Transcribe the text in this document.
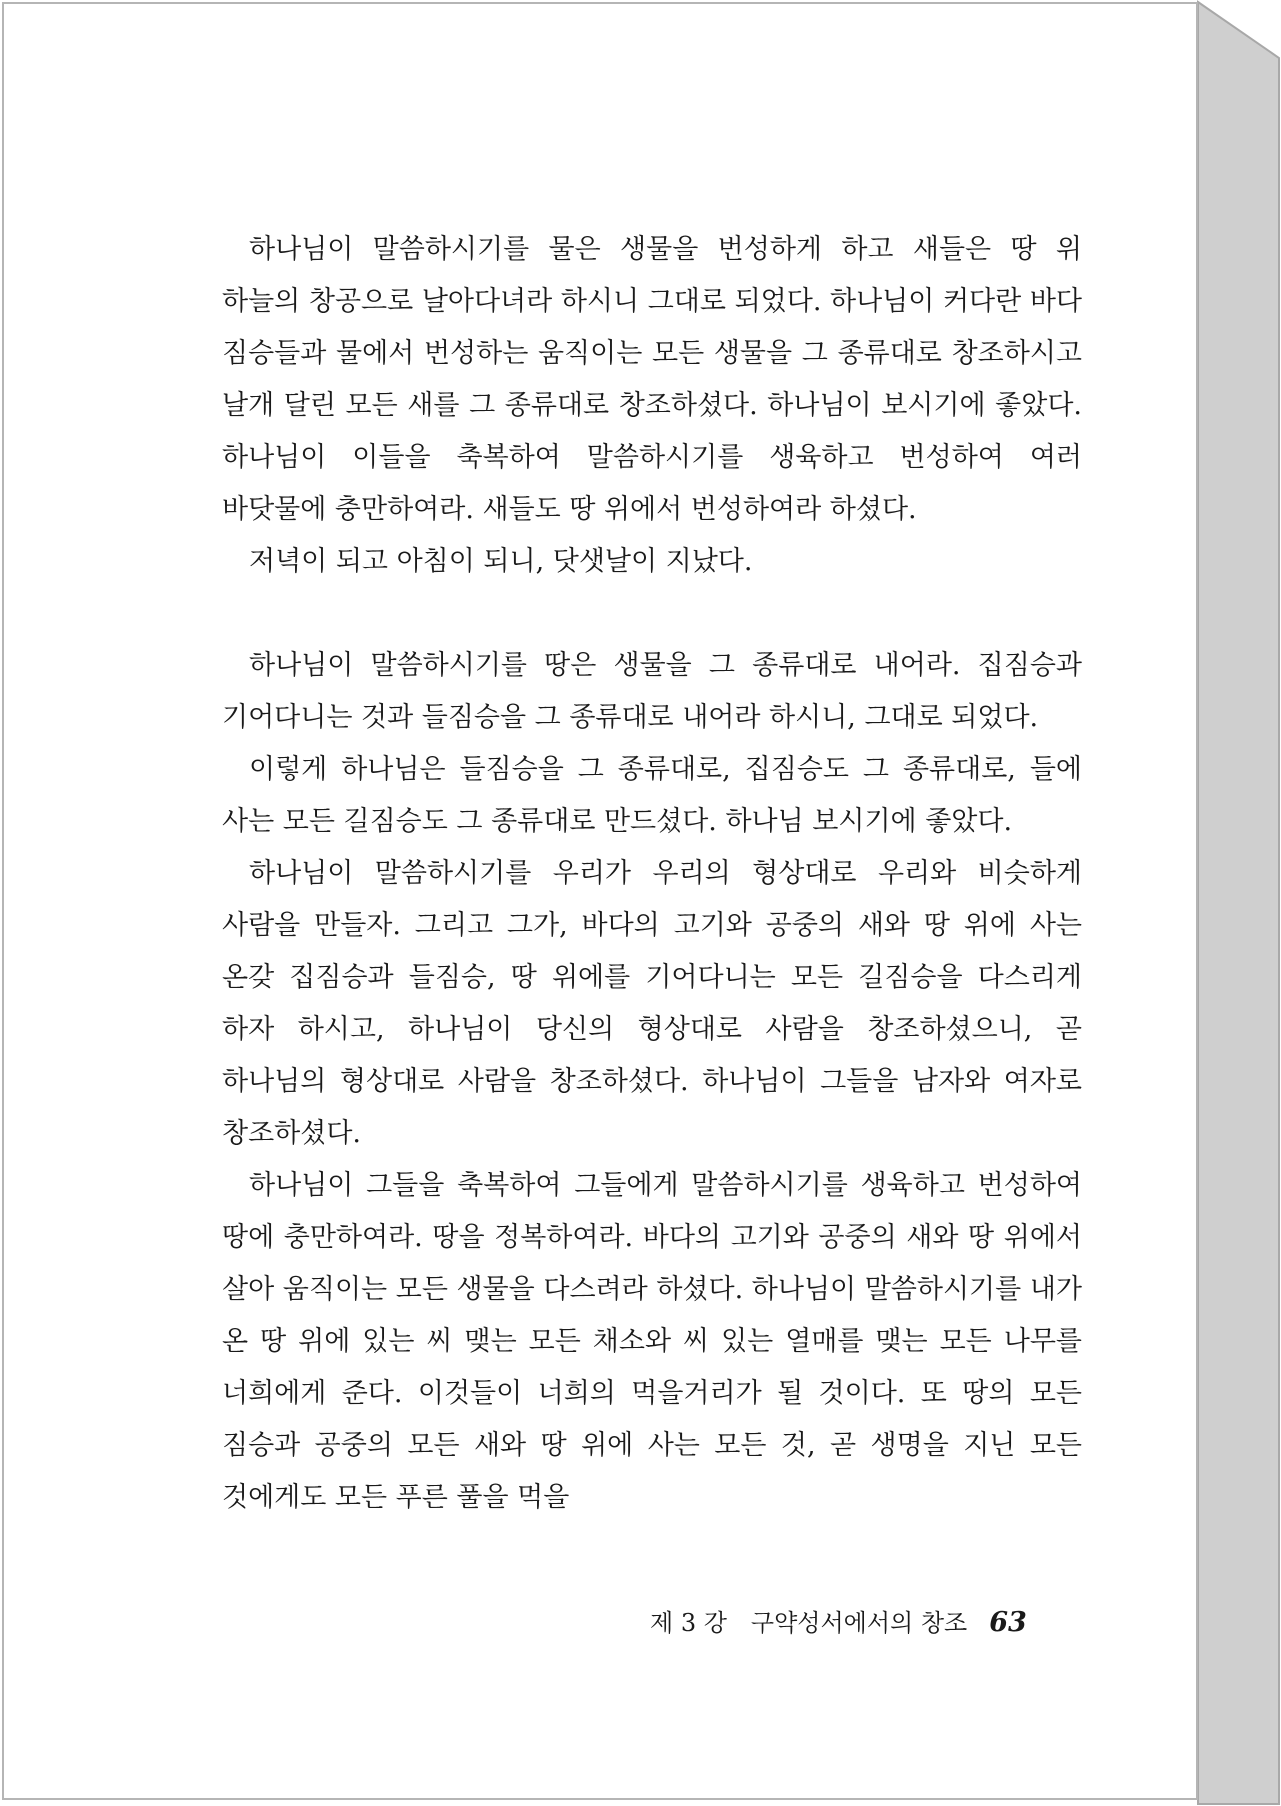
하나님이 말씀하시기를 물은 생물을 번성하게 하고 새들은 땅 위 하늘의 창공으로 날아다녀라 하시니 그대로 되었다. 하나님이 커다란 바다 짐승들과 물에서 번성하는 움직이는 모든 생물을 그 종류대로 창조하시고 날개 달린 모든 새를 그 종류대로 창조하셨다. 하나님이 보시기에 좋았다. 하나님이 이들을 축복하여 말씀하시기를 생육하고 번성하여 여러 바닷물에 충만하여라. 새들도 땅 위에서 번성하여라 하셨다.

저녁이 되고 아침이 되니, 닷샛날이 지났다.

하나님이 말씀하시기를 땅은 생물을 그 종류대로 내어라. 집짐승과 기어다니는 것과 들짐승을 그 종류대로 내어라 하시니, 그대로 되었다.

이렇게 하나님은 들짐승을 그 종류대로, 집짐승도 그 종류대로, 들에 사는 모든 길짐승도 그 종류대로 만드셨다. 하나님 보시기에 좋았다.

하나님이 말씀하시기를 우리가 우리의 형상대로 우리와 비슷하게 사람을 만들자. 그리고 그가, 바다의 고기와 공중의 새와 땅 위에 사는 온갖 집짐승과 들짐승, 땅 위에를 기어다니는 모든 길짐승을 다스리게 하자 하시고, 하나님이 당신의 형상대로 사람을 창조하셨으니, 곧 하나님의 형상대로 사람을 창조하셨다. 하나님이 그들을 남자와 여자로 창조하셨다.

하나님이 그들을 축복하여 그들에게 말씀하시기를 생육하고 번성하여 땅에 충만하여라. 땅을 정복하여라. 바다의 고기와 공중의 새와 땅 위에서 살아 움직이는 모든 생물을 다스려라 하셨다. 하나님이 말씀하시기를 내가 온 땅 위에 있는 씨 맺는 모든 채소와 씨 있는 열매를 맺는 모든 나무를 너희에게 준다. 이것들이 너희의 먹을거리가 될 것이다. 또 땅의 모든 짐승과 공중의 모든 새와 땅 위에 사는 모든 것, 곧 생명을 지닌 모든 것에게도 모든 푸른 풀을 먹을

제 3 강 구약성서에서의 창조 63
